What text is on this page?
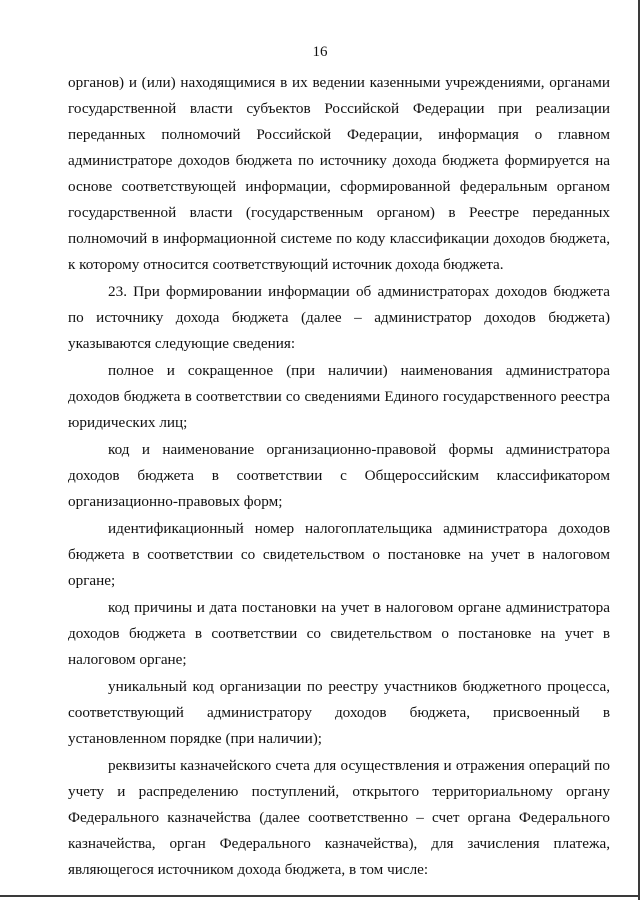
16

органов) и (или) находящимися в их ведении казенными учреждениями, органами государственной власти субъектов Российской Федерации при реализации переданных полномочий Российской Федерации, информация о главном администраторе доходов бюджета по источнику дохода бюджета формируется на основе соответствующей информации, сформированной федеральным органом государственной власти (государственным органом) в Реестре переданных полномочий в информационной системе по коду классификации доходов бюджета, к которому относится соответствующий источник дохода бюджета.

23. При формировании информации об администраторах доходов бюджета по источнику дохода бюджета (далее – администратор доходов бюджета) указываются следующие сведения:

полное и сокращенное (при наличии) наименования администратора доходов бюджета в соответствии со сведениями Единого государственного реестра юридических лиц;

код и наименование организационно-правовой формы администратора доходов бюджета в соответствии с Общероссийским классификатором организационно-правовых форм;

идентификационный номер налогоплательщика администратора доходов бюджета в соответствии со свидетельством о постановке на учет в налоговом органе;

код причины и дата постановки на учет в налоговом органе администратора доходов бюджета в соответствии со свидетельством о постановке на учет в налоговом органе;

уникальный код организации по реестру участников бюджетного процесса, соответствующий администратору доходов бюджета, присвоенный в установленном порядке (при наличии);

реквизиты казначейского счета для осуществления и отражения операций по учету и распределению поступлений, открытого территориальному органу Федерального казначейства (далее соответственно – счет органа Федерального казначейства, орган Федерального казначейства), для зачисления платежа, являющегося источником дохода бюджета, в том числе:
